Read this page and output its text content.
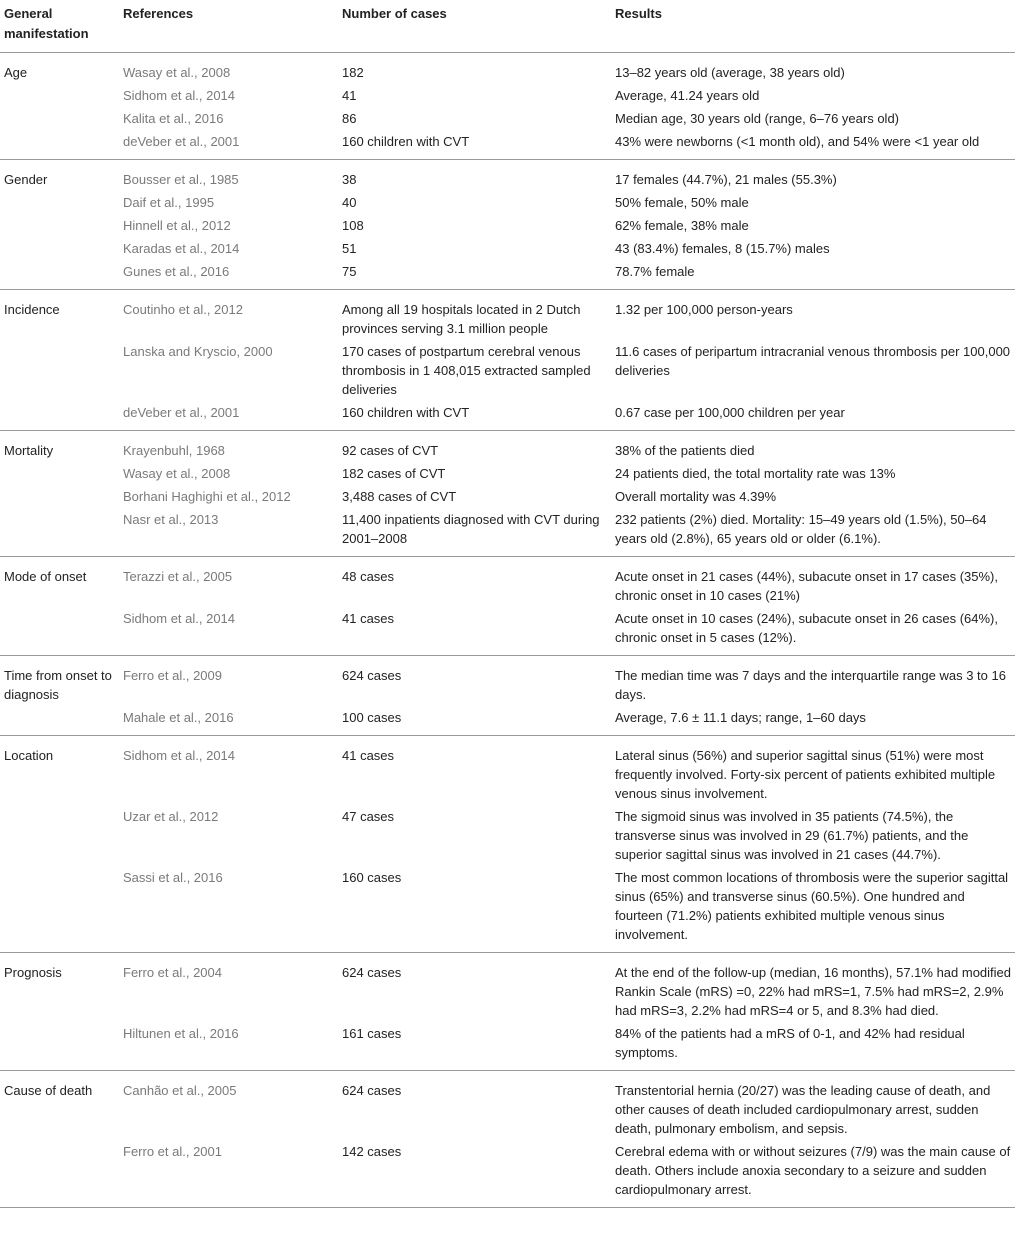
General manifestation	References	Number of cases	Results
Age	Wasay et al., 2008	182	13–82 years old (average, 38 years old)
	Sidhom et al., 2014	41	Average, 41.24 years old
	Kalita et al., 2016	86	Median age, 30 years old (range, 6–76 years old)
	deVeber et al., 2001	160 children with CVT	43% were newborns (<1 month old), and 54% were <1 year old
Gender	Bousser et al., 1985	38	17 females (44.7%), 21 males (55.3%)
	Daif et al., 1995	40	50% female, 50% male
	Hinnell et al., 2012	108	62% female, 38% male
	Karadas et al., 2014	51	43 (83.4%) females, 8 (15.7%) males
	Gunes et al., 2016	75	78.7% female
Incidence	Coutinho et al., 2012	Among all 19 hospitals located in 2 Dutch provinces serving 3.1 million people	1.32 per 100,000 person-years
	Lanska and Kryscio, 2000	170 cases of postpartum cerebral venous thrombosis in 1 408,015 extracted sampled deliveries	11.6 cases of peripartum intracranial venous thrombosis per 100,000 deliveries
	deVeber et al., 2001	160 children with CVT	0.67 case per 100,000 children per year
Mortality	Krayenbuhl, 1968	92 cases of CVT	38% of the patients died
	Wasay et al., 2008	182 cases of CVT	24 patients died, the total mortality rate was 13%
	Borhani Haghighi et al., 2012	3,488 cases of CVT	Overall mortality was 4.39%
	Nasr et al., 2013	11,400 inpatients diagnosed with CVT during 2001–2008	232 patients (2%) died. Mortality: 15–49 years old (1.5%), 50–64 years old (2.8%), 65 years old or older (6.1%).
Mode of onset	Terazzi et al., 2005	48 cases	Acute onset in 21 cases (44%), subacute onset in 17 cases (35%), chronic onset in 10 cases (21%)
	Sidhom et al., 2014	41 cases	Acute onset in 10 cases (24%), subacute onset in 26 cases (64%), chronic onset in 5 cases (12%).
Time from onset to diagnosis	Ferro et al., 2009	624 cases	The median time was 7 days and the interquartile range was 3 to 16 days.
	Mahale et al., 2016	100 cases	Average, 7.6 ± 11.1 days; range, 1–60 days
Location	Sidhom et al., 2014	41 cases	Lateral sinus (56%) and superior sagittal sinus (51%) were most frequently involved. Forty-six percent of patients exhibited multiple venous sinus involvement.
	Uzar et al., 2012	47 cases	The sigmoid sinus was involved in 35 patients (74.5%), the transverse sinus was involved in 29 (61.7%) patients, and the superior sagittal sinus was involved in 21 cases (44.7%).
	Sassi et al., 2016	160 cases	The most common locations of thrombosis were the superior sagittal sinus (65%) and transverse sinus (60.5%). One hundred and fourteen (71.2%) patients exhibited multiple venous sinus involvement.
Prognosis	Ferro et al., 2004	624 cases	At the end of the follow-up (median, 16 months), 57.1% had modified Rankin Scale (mRS) =0, 22% had mRS=1, 7.5% had mRS=2, 2.9% had mRS=3, 2.2% had mRS=4 or 5, and 8.3% had died.
	Hiltunen et al., 2016	161 cases	84% of the patients had a mRS of 0-1, and 42% had residual symptoms.
Cause of death	Canhão et al., 2005	624 cases	Transtentorial hernia (20/27) was the leading cause of death, and other causes of death included cardiopulmonary arrest, sudden death, pulmonary embolism, and sepsis.
	Ferro et al., 2001	142 cases	Cerebral edema with or without seizures (7/9) was the main cause of death. Others include anoxia secondary to a seizure and sudden cardiopulmonary arrest.
